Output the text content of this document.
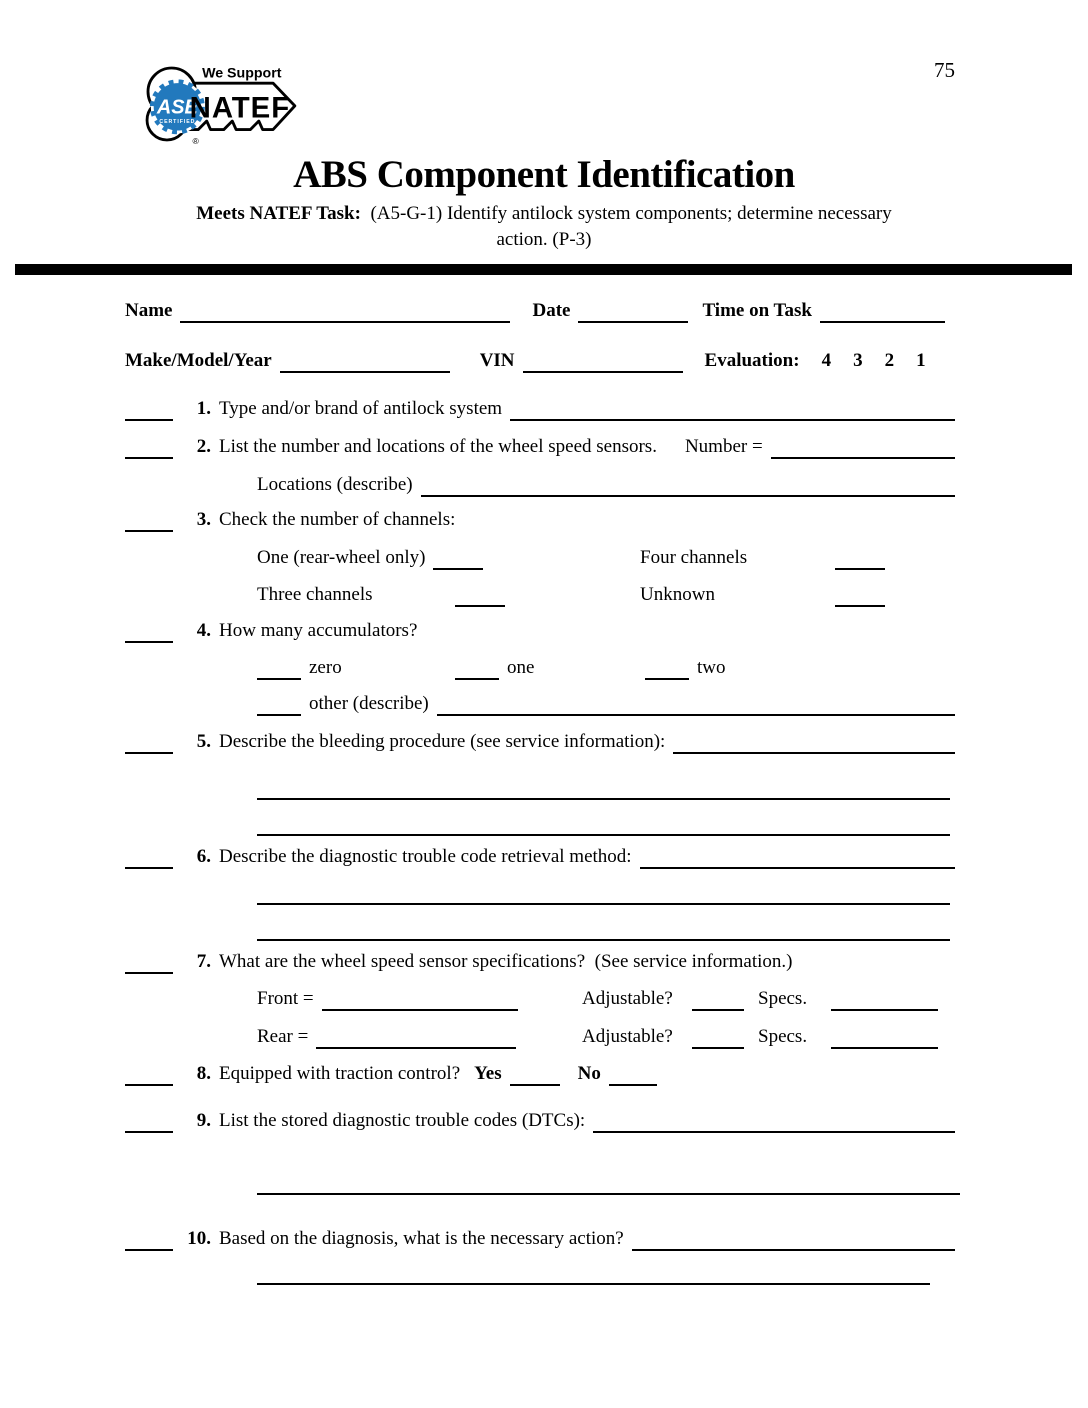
75
ASE
CERTIFIED
We Support
NATEF
®
ABS Component Identification

Meets NATEF Task: (A5-G-1) Identify antilock system components; determine necessary

action. (P-3)

Name	Date	Time on Task
Make/Model/Year	VIN	Evaluation: 4 3 2 1
1. Type and/or brand of antilock system
2. List the number and locations of the wheel speed sensors. Number =
Locations (describe)
3. Check the number of channels:
One (rear-wheel only)	Four channels
Three channels	Unknown
4. How many accumulators?
zero	one	two
other (describe)
5. Describe the bleeding procedure (see service information):
6. Describe the diagnostic trouble code retrieval method:
7. What are the wheel speed sensor specifications?  (See service information.)
Front =	Adjustable?	Specs.
Rear =	Adjustable?	Specs.
8. Equipped with traction control? Yes	No
9. List the stored diagnostic trouble codes (DTCs):
10. Based on the diagnosis, what is the necessary action?
